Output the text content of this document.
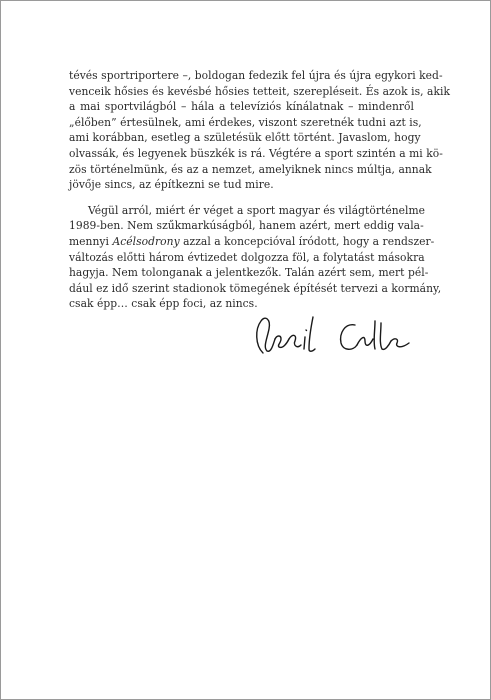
tévés sportriportere –, boldogan fedezik fel újra és újra egykori ked-
venceik hősies és kevésbé hősies tetteit, szerepléseit. És azok is, akik
a mai sportvilágból – hála a televíziós kínálatnak – mindenről
„élőben” értesülnek, ami érdekes, viszont szeretnék tudni azt is,
ami korábban, esetleg a születésük előtt történt. Javaslom, hogy
olvassák, és legyenek büszkék is rá. Végtére a sport szintén a mi kö-
zös történelmünk, és az a nemzet, amelyiknek nincs múltja, annak
jövője sincs, az építkezni se tud mire.

Végül arról, miért ér véget a sport magyar és világtörténelme
1989-ben. Nem szűkmarkúságból, hanem azért, mert eddig vala-
mennyi Acélsodrony azzal a koncepcióval íródott, hogy a rendszer-
változás előtti három évtizedet dolgozza föl, a folytatást másokra
hagyja. Nem tolonganak a jelentkezők. Talán azért sem, mert pél-
dául ez idő szerint stadionok tömegének építését tervezi a kormány,
csak épp… csak épp foci, az nincs.
